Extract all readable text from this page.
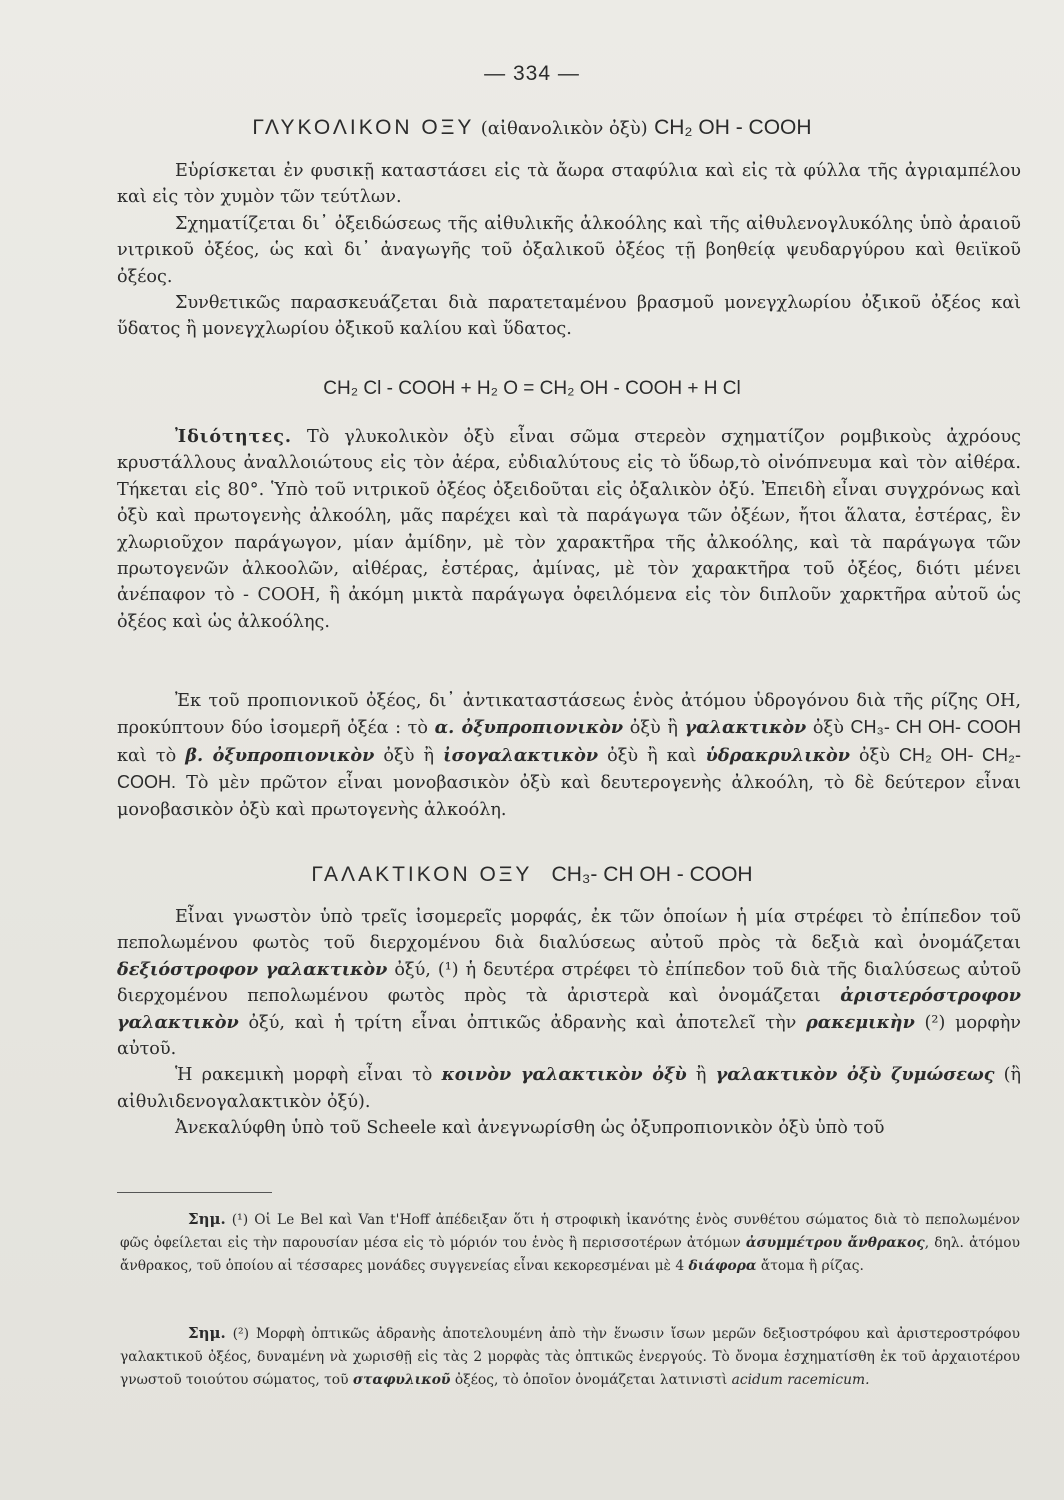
— 334 —
ΓΛΥΚΟΛΙΚΟΝ ΟΞΥ (αἰθανολικὸν ὀξὺ) CH₂ OH - COOH

Εὑρίσκεται ἐν φυσικῇ καταστάσει εἰς τὰ ἄωρα σταφύλια καὶ εἰς τὰ φύλλα τῆς ἀγριαμπέλου καὶ εἰς τὸν χυμὸν τῶν τεύτλων.

Σχηματίζεται δι᾽ ὀξειδώσεως τῆς αἰθυλικῆς ἀλκοόλης καὶ τῆς αἰθυλενογλυκόλης ὑπὸ ἀραιοῦ νιτρικοῦ ὀξέος, ὡς καὶ δι᾽ ἀναγωγῆς τοῦ ὀξαλικοῦ ὀξέος τῇ βοηθείᾳ ψευδαργύρου καὶ θειϊκοῦ ὀξέος.

Συνθετικῶς παρασκευάζεται διὰ παρατεταμένου βρασμοῦ μονεγχλωρίου ὀξικοῦ ὀξέος καὶ ὕδατος ἢ μονεγχλωρίου ὀξικοῦ καλίου καὶ ὕδατος.

CH₂ Cl - COOH + H₂ O = CH₂ OH - COOH + H Cl

Ἰδιότητες. Τὸ γλυκολικὸν ὀξὺ εἶναι σῶμα στερεὸν σχηματίζον ρομβικοὺς ἀχρόους κρυστάλλους ἀναλλοιώτους εἰς τὸν ἀέρα, εὐδιαλύτους εἰς τὸ ὕδωρ,τὸ οἰνόπνευμα καὶ τὸν αἰθέρα. Τήκεται εἰς 80°. Ὑπὸ τοῦ νιτρικοῦ ὀξέος ὀξειδοῦται εἰς ὀξαλικὸν ὀξύ. Ἐπειδὴ εἶναι συγχρόνως καὶ ὀξὺ καὶ πρωτογενὴς ἀλκοόλη, μᾶς παρέχει καὶ τὰ παράγωγα τῶν ὀξέων, ἤτοι ἅλατα, ἐστέρας, ἓν χλωριοῦχον παράγωγον, μίαν ἀμίδην, μὲ τὸν χαρακτῆρα τῆς ἀλκοόλης, καὶ τὰ παράγωγα τῶν πρωτογενῶν ἀλκοολῶν, αἰθέρας, ἐστέρας, ἀμίνας, μὲ τὸν χαρακτῆρα τοῦ ὀξέος, διότι μένει ἀνέπαφον τὸ - COOH, ἢ ἀκόμη μικτὰ παράγωγα ὀφειλόμενα εἰς τὸν διπλοῦν χαρκτῆρα αὐτοῦ ὡς ὀξέος καὶ ὡς ἀλκοόλης.

Ἐκ τοῦ προπιονικοῦ ὀξέος, δι᾽ ἀντικαταστάσεως ἑνὸς ἀτόμου ὑδρογόνου διὰ τῆς ρίζης ΟΗ, προκύπτουν δύο ἰσομερῆ ὀξέα : τὸ α. ὀξυπροπιονικὸν ὀξὺ ἢ γαλακτικὸν ὀξὺ CH₃- CH OH- COOH καὶ τὸ β. ὀξυπροπιονικὸν ὀξὺ ἢ ἰσογαλακτικὸν ὀξὺ ἢ καὶ ὑδρακρυλικὸν ὀξὺ CH₂ OH- CH₂- COOH. Τὸ μὲν πρῶτον εἶναι μονοβασικὸν ὀξὺ καὶ δευτερογενὴς ἀλκοόλη, τὸ δὲ δεύτερον εἶναι μονοβασικὸν ὀξὺ καὶ πρωτογενὴς ἀλκοόλη.

ΓΑΛΑΚΤΙΚΟΝ ΟΞΥ CH₃- CH OH - COOH

Εἶναι γνωστὸν ὑπὸ τρεῖς ἰσομερεῖς μορφάς, ἐκ τῶν ὁποίων ἡ μία στρέφει τὸ ἐπίπεδον τοῦ πεπολωμένου φωτὸς τοῦ διερχομένου διὰ διαλύσεως αὐτοῦ πρὸς τὰ δεξιὰ καὶ ὀνομάζεται δεξιόστροφον γαλακτικὸν ὀξύ, (¹) ἡ δευτέρα στρέφει τὸ ἐπίπεδον τοῦ διὰ τῆς διαλύσεως αὐτοῦ διερχομένου πεπολωμένου φωτὸς πρὸς τὰ ἀριστερὰ καὶ ὀνομάζεται ἀριστερόστροφον γαλακτικὸν ὀξύ, καὶ ἡ τρίτη εἶναι ὀπτικῶς ἀδρανὴς καὶ ἀποτελεῖ τὴν ρακεμικὴν (²) μορφὴν αὐτοῦ.

Ἡ ρακεμικὴ μορφὴ εἶναι τὸ κοινὸν γαλακτικὸν ὀξὺ ἢ γαλακτικὸν ὀξὺ ζυμώσεως (ἢ αἰθυλιδενογαλακτικὸν ὀξύ).

Ἀνεκαλύφθη ὑπὸ τοῦ Scheele καὶ ἀνεγνωρίσθη ὡς ὀξυπροπιονικὸν ὀξὺ ὑπὸ τοῦ

Σημ. (¹) Οἱ Le Bel καὶ Van t'Hoff ἀπέδειξαν ὅτι ἡ στροφικὴ ἱκανότης ἑνὸς συνθέτου σώματος διὰ τὸ πεπολωμένον φῶς ὀφείλεται εἰς τὴν παρουσίαν μέσα εἰς τὸ μόριόν του ἑνὸς ἢ περισσοτέρων ἀτόμων ἀσυμμέτρου ἄνθρακος, δηλ. ἀτόμου ἄνθρακος, τοῦ ὁποίου αἱ τέσσαρες μονάδες συγγενείας εἶναι κεκορεσμέναι μὲ 4 διάφορα ἄτομα ἢ ρίζας.

Σημ. (²) Μορφὴ ὀπτικῶς ἀδρανὴς ἀποτελουμένη ἀπὸ τὴν ἕνωσιν ἴσων μερῶν δεξιοστρόφου καὶ ἀριστεροστρόφου γαλακτικοῦ ὀξέος, δυναμένη νὰ χωρισθῇ εἰς τὰς 2 μορφὰς τὰς ὀπτικῶς ἐνεργούς. Τὸ ὄνομα ἐσχηματίσθη ἐκ τοῦ ἀρχαιοτέρου γνωστοῦ τοιούτου σώματος, τοῦ σταφυλικοῦ ὀξέος, τὸ ὁποῖον ὀνομάζεται λατινιστὶ acidum racemicum.
